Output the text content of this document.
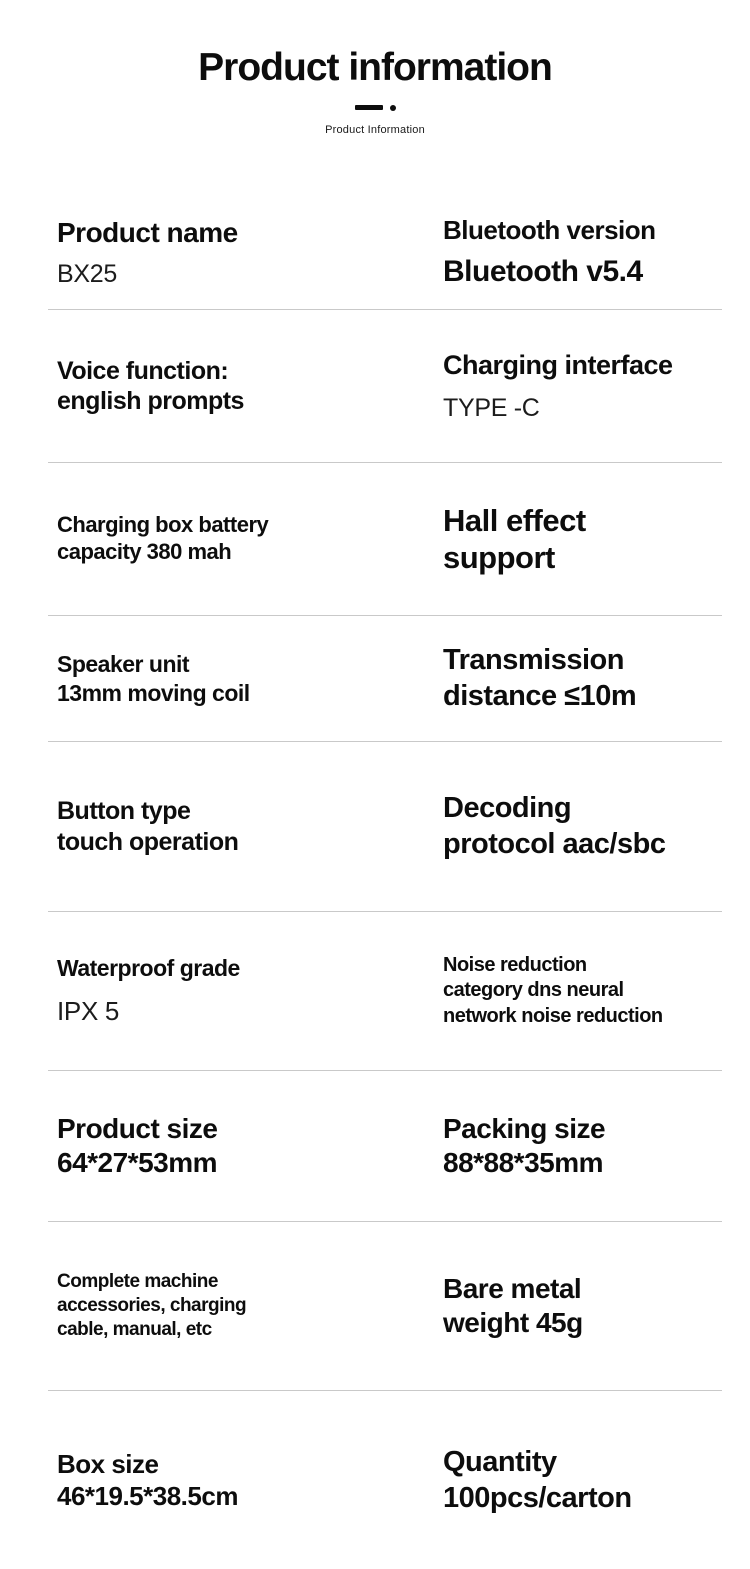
Product information
Product Information
Product name
BX25
Bluetooth version
Bluetooth v5.4
Voice function:
english prompts
Charging interface
TYPE -C
Charging box battery
capacity 380 mah
Hall effect
support
Speaker unit
13mm moving coil
Transmission
distance ≤10m
Button type
touch operation
Decoding
protocol aac/sbc
Waterproof grade
IPX 5
Noise reduction
category dns neural
network noise reduction
Product size
64*27*53mm
Packing size
88*88*35mm
Complete machine
accessories, charging
cable, manual, etc
Bare metal
weight 45g
Box size
46*19.5*38.5cm
Quantity
100pcs/carton
